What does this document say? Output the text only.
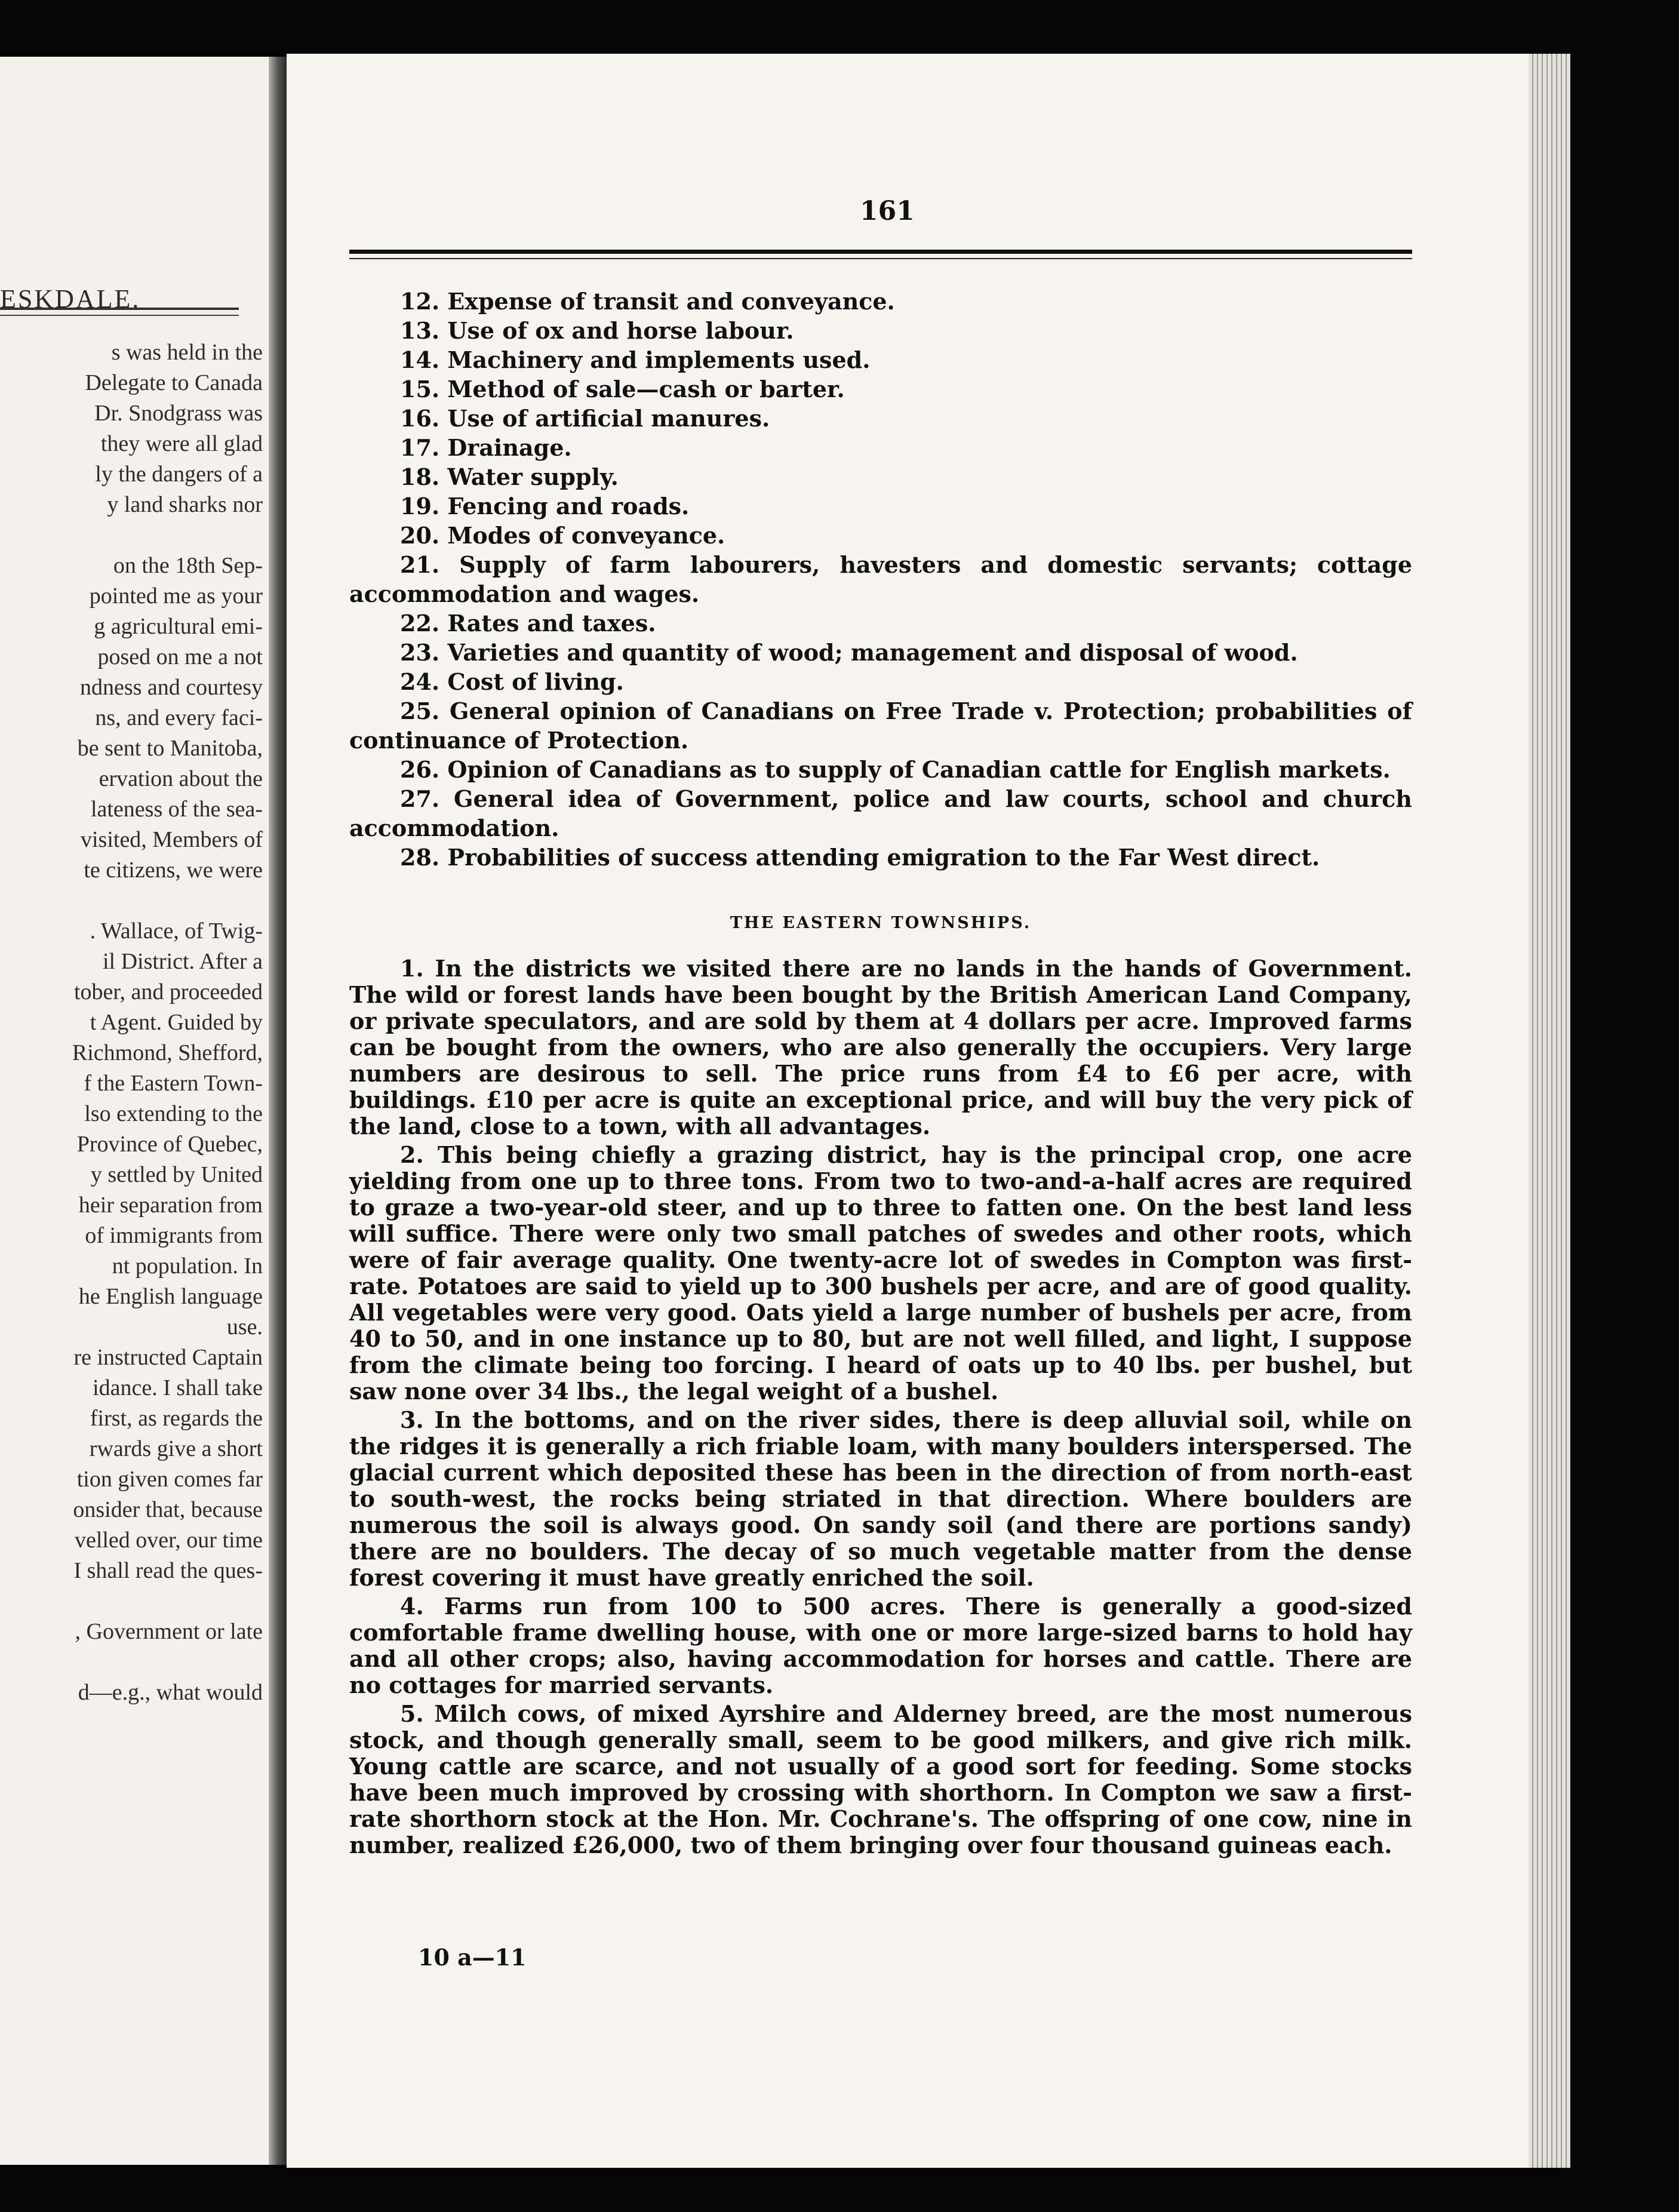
ESKDALE.
s was held in the
Delegate to Canada
Dr. Snodgrass was
they were all glad
ly the dangers of a
y land sharks nor
on the 18th Sep-
pointed me as your
g agricultural emi-
posed on me a not
ndness and courtesy
ns, and every faci-
be sent to Manitoba,
ervation about the
lateness of the sea-
visited, Members of
te citizens, we were
. Wallace, of Twig-
il District. After a
tober, and proceeded
t Agent. Guided by
Richmond, Shefford,
f the Eastern Town-
lso extending to the
Province of Quebec,
y settled by United
heir separation from
of immigrants from
nt population. In
he English language
use.
re instructed Captain
idance. I shall take
first, as regards the
rwards give a short
tion given comes far
onsider that, because
velled over, our time
I shall read the ques-
, Government or late
d—e.g., what would
161
12. Expense of transit and conveyance.
13. Use of ox and horse labour.
14. Machinery and implements used.
15. Method of sale—cash or barter.
16. Use of artificial manures.
17. Drainage.
18. Water supply.
19. Fencing and roads.
20. Modes of conveyance.
21. Supply of farm labourers, havesters and domestic servants; cottage accommodation and wages.
22. Rates and taxes.
23. Varieties and quantity of wood; management and disposal of wood.
24. Cost of living.
25. General opinion of Canadians on Free Trade v. Protection; probabilities of continuance of Protection.
26. Opinion of Canadians as to supply of Canadian cattle for English markets.
27. General idea of Government, police and law courts, school and church accommodation.
28. Probabilities of success attending emigration to the Far West direct.
THE EASTERN TOWNSHIPS.
1. In the districts we visited there are no lands in the hands of Government. The wild or forest lands have been bought by the British American Land Company, or private speculators, and are sold by them at 4 dollars per acre. Improved farms can be bought from the owners, who are also generally the occupiers. Very large numbers are desirous to sell. The price runs from £4 to £6 per acre, with buildings. £10 per acre is quite an exceptional price, and will buy the very pick of the land, close to a town, with all advantages.
2. This being chiefly a grazing district, hay is the principal crop, one acre yielding from one up to three tons. From two to two-and-a-half acres are required to graze a two-year-old steer, and up to three to fatten one. On the best land less will suffice. There were only two small patches of swedes and other roots, which were of fair average quality. One twenty-acre lot of swedes in Compton was first-rate. Potatoes are said to yield up to 300 bushels per acre, and are of good quality. All vegetables were very good. Oats yield a large number of bushels per acre, from 40 to 50, and in one instance up to 80, but are not well filled, and light, I suppose from the climate being too forcing. I heard of oats up to 40 lbs. per bushel, but saw none over 34 lbs., the legal weight of a bushel.
3. In the bottoms, and on the river sides, there is deep alluvial soil, while on the ridges it is generally a rich friable loam, with many boulders interspersed. The glacial current which deposited these has been in the direction of from north-east to south-west, the rocks being striated in that direction. Where boulders are numerous the soil is always good. On sandy soil (and there are portions sandy) there are no boulders. The decay of so much vegetable matter from the dense forest covering it must have greatly enriched the soil.
4. Farms run from 100 to 500 acres. There is generally a good-sized comfortable frame dwelling house, with one or more large-sized barns to hold hay and all other crops; also, having accommodation for horses and cattle. There are no cottages for married servants.
5. Milch cows, of mixed Ayrshire and Alderney breed, are the most numerous stock, and though generally small, seem to be good milkers, and give rich milk. Young cattle are scarce, and not usually of a good sort for feeding. Some stocks have been much improved by crossing with shorthorn. In Compton we saw a first-rate shorthorn stock at the Hon. Mr. Cochrane's. The offspring of one cow, nine in number, realized £26,000, two of them bringing over four thousand guineas each.
10 a—11
